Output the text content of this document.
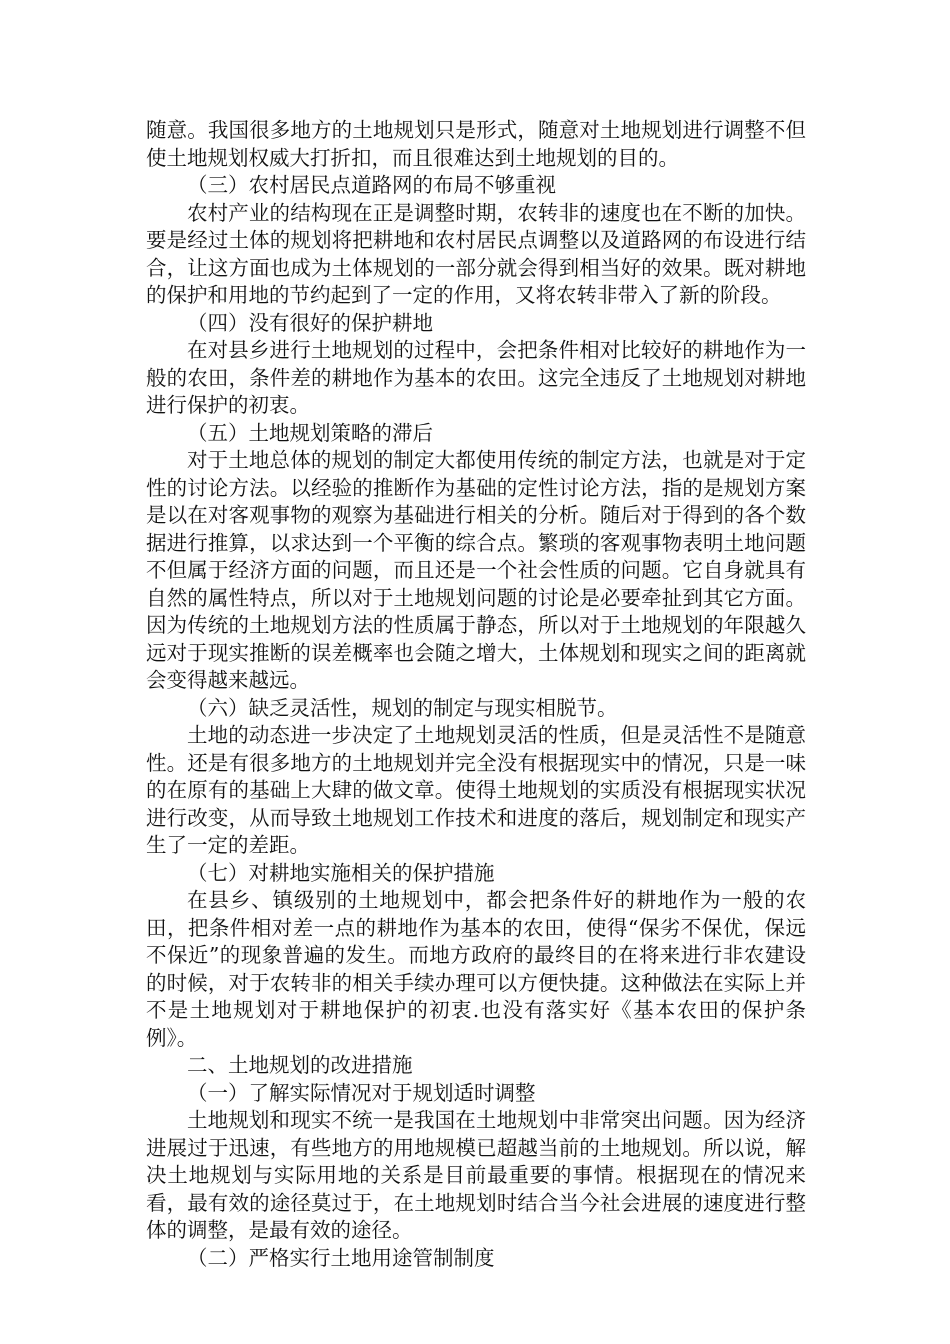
随意。我国很多地方的土地规划只是形式，随意对土地规划进行调整不但使土地规划权威大打折扣，而且很难达到土地规划的目的。

（三）农村居民点道路网的布局不够重视

农村产业的结构现在正是调整时期，农转非的速度也在不断的加快。要是经过土体的规划将把耕地和农村居民点调整以及道路网的布设进行结合，让这方面也成为土体规划的一部分就会得到相当好的效果。既对耕地的保护和用地的节约起到了一定的作用，又将农转非带入了新的阶段。

（四）没有很好的保护耕地

在对县乡进行土地规划的过程中，会把条件相对比较好的耕地作为一般的农田，条件差的耕地作为基本的农田。这完全违反了土地规划对耕地进行保护的初衷。

（五）土地规划策略的滞后

对于土地总体的规划的制定大都使用传统的制定方法，也就是对于定性的讨论方法。以经验的推断作为基础的定性讨论方法，指的是规划方案是以在对客观事物的观察为基础进行相关的分析。随后对于得到的各个数据进行推算，以求达到一个平衡的综合点。繁琐的客观事物表明土地问题不但属于经济方面的问题，而且还是一个社会性质的问题。它自身就具有自然的属性特点，所以对于土地规划问题的讨论是必要牵扯到其它方面。因为传统的土地规划方法的性质属于静态，所以对于土地规划的年限越久远对于现实推断的误差概率也会随之增大，土体规划和现实之间的距离就会变得越来越远。

（六）缺乏灵活性，规划的制定与现实相脱节。

土地的动态进一步决定了土地规划灵活的性质，但是灵活性不是随意性。还是有很多地方的土地规划并完全没有根据现实中的情况，只是一味的在原有的基础上大肆的做文章。使得土地规划的实质没有根据现实状况进行改变，从而导致土地规划工作技术和进度的落后，规划制定和现实产生了一定的差距。

（七）对耕地实施相关的保护措施

在县乡、镇级别的土地规划中，都会把条件好的耕地作为一般的农田，把条件相对差一点的耕地作为基本的农田，使得“保劣不保优，保远不保近”的现象普遍的发生。而地方政府的最终目的在将来进行非农建设的时候，对于农转非的相关手续办理可以方便快捷。这种做法在实际上并不是土地规划对于耕地保护的初衷.也没有落实好《基本农田的保护条例》。

二、土地规划的改进措施

（一）了解实际情况对于规划适时调整

土地规划和现实不统一是我国在土地规划中非常突出问题。因为经济进展过于迅速，有些地方的用地规模已超越当前的土地规划。所以说，解决土地规划与实际用地的关系是目前最重要的事情。根据现在的情况来看，最有效的途径莫过于，在土地规划时结合当今社会进展的速度进行整体的调整，是最有效的途径。

（二）严格实行土地用途管制制度
